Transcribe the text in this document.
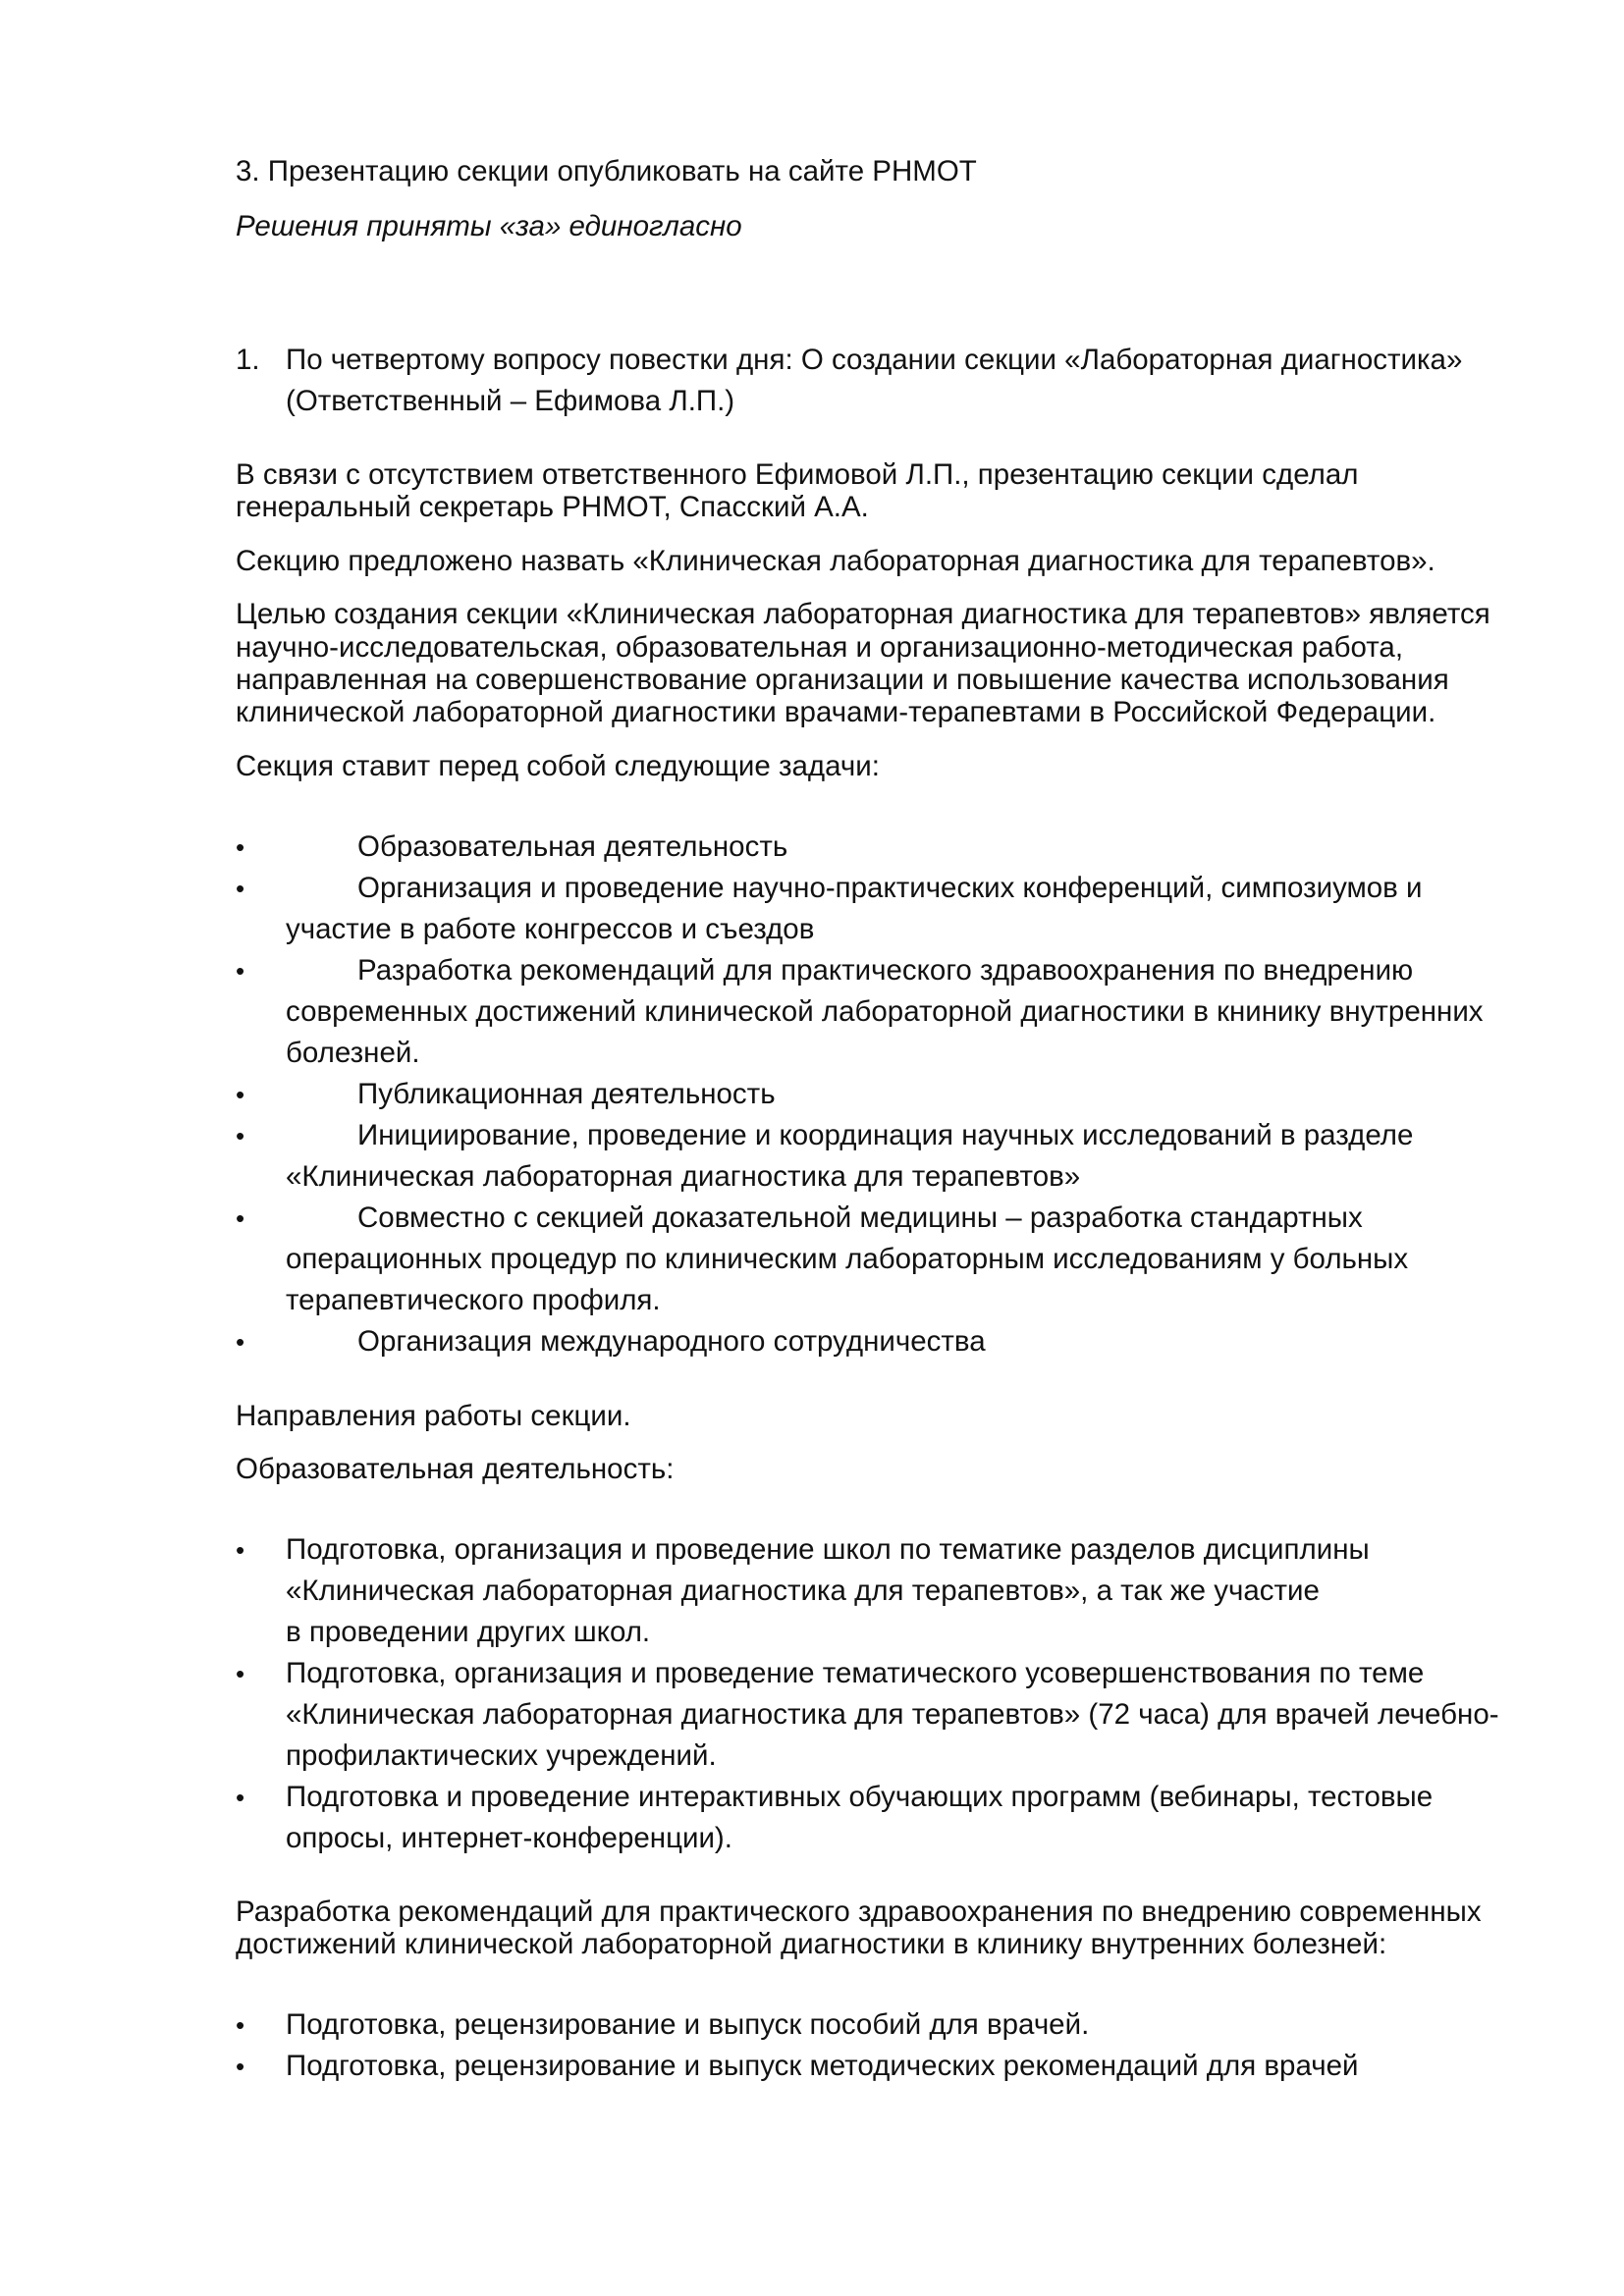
3. Презентацию секции опубликовать на сайте РНМОТ

Решения приняты «за» единогласно

1. По четвертому вопросу повестки дня: О создании секции «Лабораторная диагностика»

(Ответственный – Ефимова Л.П.)

В связи с отсутствием ответственного Ефимовой Л.П., презентацию секции сделал

генеральный секретарь РНМОТ, Спасский А.А.

Секцию предложено назвать «Клиническая лабораторная диагностика для терапевтов».

Целью создания секции «Клиническая лабораторная диагностика для терапевтов» является

научно-исследовательская, образовательная и организационно-методическая работа,

направленная на совершенствование организации и повышение качества использования

клинической лабораторной диагностики врачами-терапевтами в Российской Федерации.

Секция ставит перед собой следующие задачи:

•	Образовательная деятельность

•	Организация и проведение научно-практических конференций, симпозиумов и

участие в работе конгрессов и съездов

•	Разработка рекомендаций для практического здравоохранения по внедрению

современных достижений клинической лабораторной диагностики в книнику внутренних

болезней.

•	Публикационная деятельность

•	Инициирование, проведение и координация научных исследований в разделе

«Клиническая лабораторная диагностика для терапевтов»

•	Совместно с секцией доказательной медицины – разработка стандартных

операционных процедур по клиническим лабораторным исследованиям у больных

терапевтического профиля.

•	Организация международного сотрудничества

Направления работы секции.

Образовательная деятельность:

• Подготовка, организация и проведение школ по тематике разделов дисциплины

«Клиническая лабораторная диагностика для терапевтов», а так же участие

в проведении других школ.

• Подготовка, организация и проведение тематического усовершенствования по теме

«Клиническая лабораторная диагностика для терапевтов» (72 часа) для врачей лечебно-

профилактических учреждений.

• Подготовка и проведение интерактивных обучающих программ (вебинары, тестовые

опросы, интернет-конференции).

Разработка рекомендаций для практического здравоохранения по внедрению современных

достижений клинической лабораторной диагностики в клинику внутренних болезней:

• Подготовка, рецензирование и выпуск пособий для врачей.

• Подготовка, рецензирование и выпуск методических рекомендаций для врачей
